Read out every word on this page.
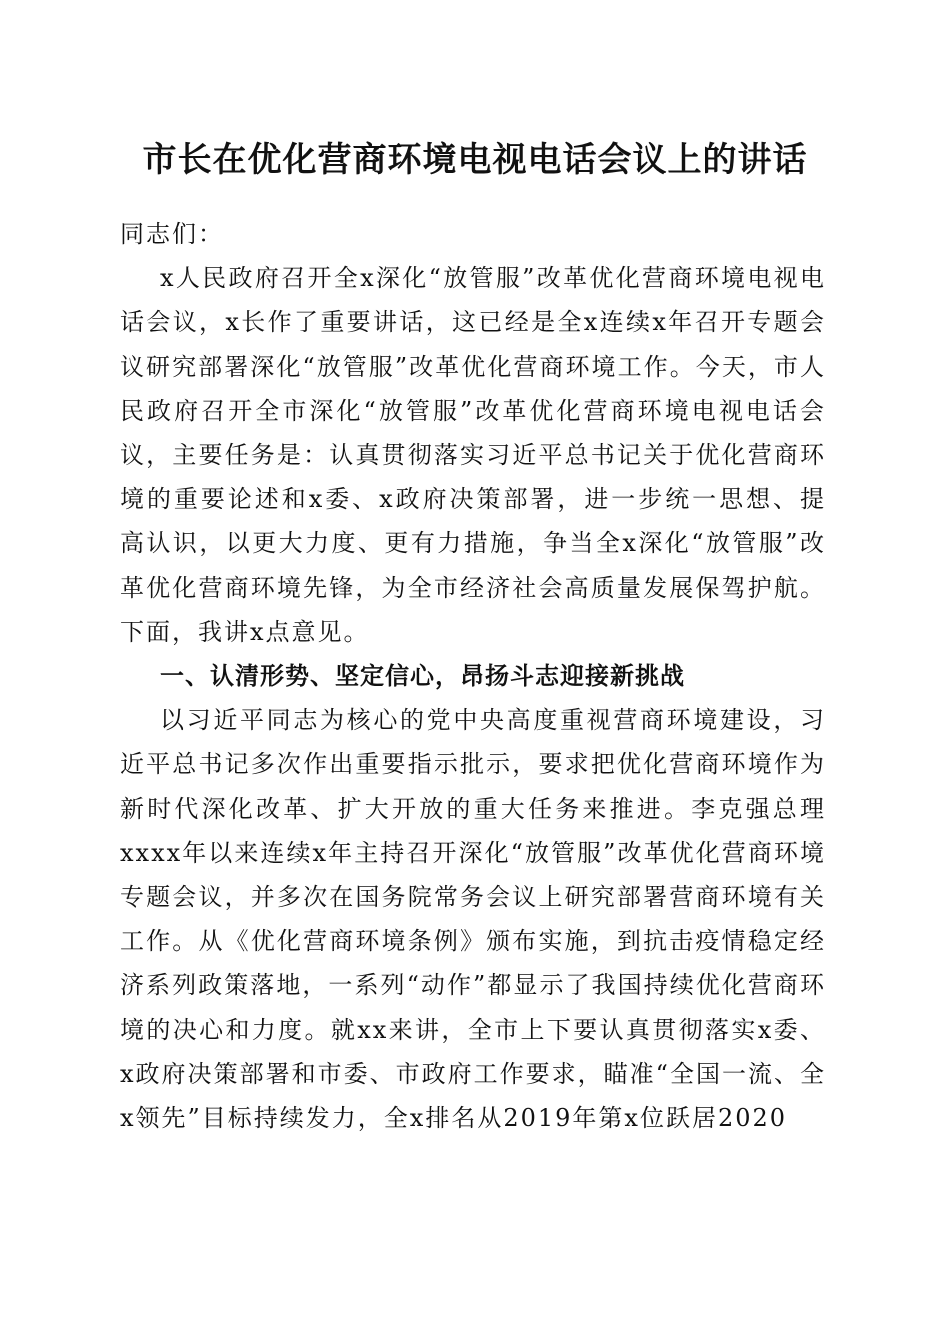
市长在优化营商环境电视电话会议上的讲话

同志们：

x人民政府召开全x深化“放管服”改革优化营商环境电视电话会议，x长作了重要讲话，这已经是全x连续x年召开专题会议研究部署深化“放管服”改革优化营商环境工作。今天，市人民政府召开全市深化“放管服”改革优化营商环境电视电话会议，主要任务是：认真贯彻落实习近平总书记关于优化营商环境的重要论述和x委、x政府决策部署，进一步统一思想、提高认识，以更大力度、更有力措施，争当全x深化“放管服”改革优化营商环境先锋，为全市经济社会高质量发展保驾护航。下面，我讲x点意见。

一、认清形势、坚定信心，昂扬斗志迎接新挑战

以习近平同志为核心的党中央高度重视营商环境建设，习近平总书记多次作出重要指示批示，要求把优化营商环境作为新时代深化改革、扩大开放的重大任务来推进。李克强总理xxxx年以来连续x年主持召开深化“放管服”改革优化营商环境专题会议，并多次在国务院常务会议上研究部署营商环境有关工作。从《优化营商环境条例》颁布实施，到抗击疫情稳定经济系列政策落地，一系列“动作”都显示了我国持续优化营商环境的决心和力度。就xx来讲，全市上下要认真贯彻落实x委、x政府决策部署和市委、市政府工作要求，瞄准“全国一流、全x领先”目标持续发力，全x排名从2019年第x位跃居2020
